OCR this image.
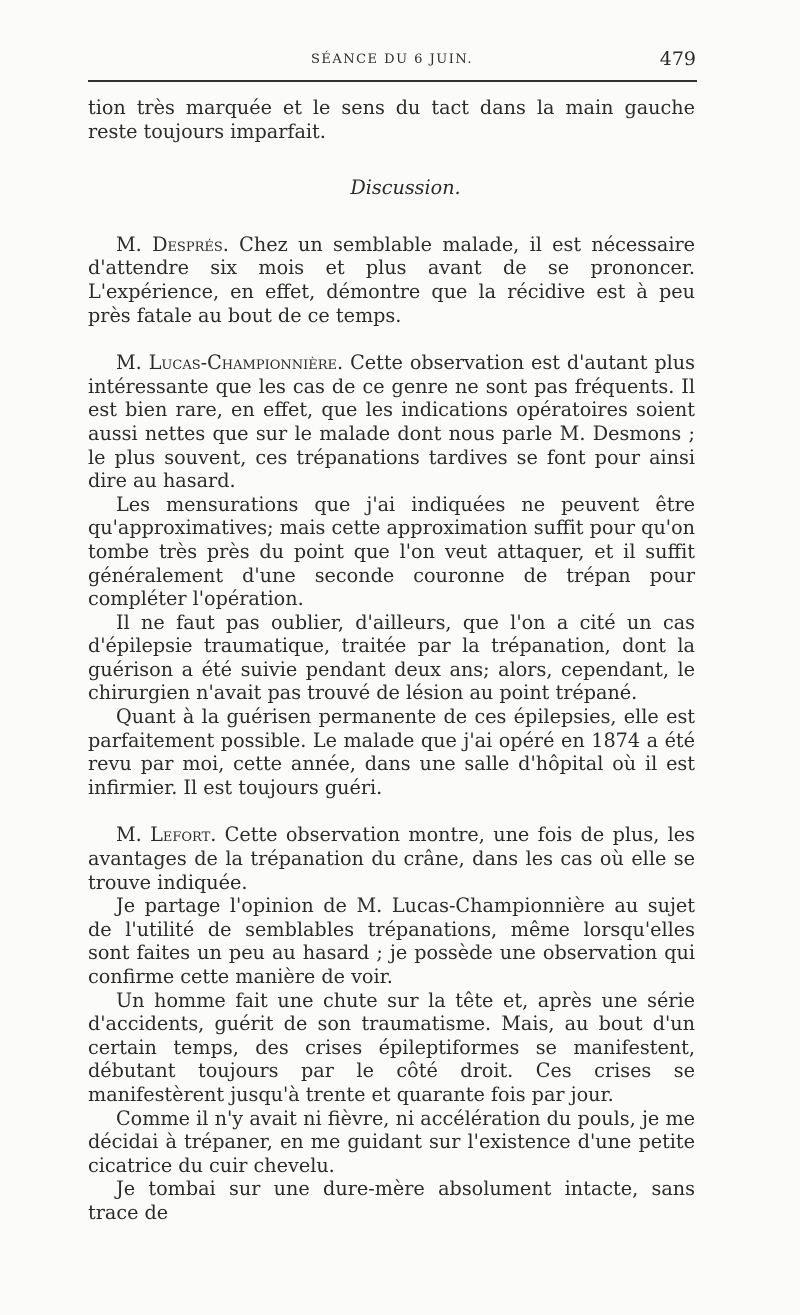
SÉANCE DU 6 JUIN.	479

tion très marquée et le sens du tact dans la main gauche reste toujours imparfait.

Discussion.

M. Després. Chez un semblable malade, il est nécessaire d'attendre six mois et plus avant de se prononcer. L'expérience, en effet, démontre que la récidive est à peu près fatale au bout de ce temps.

M. Lucas-Championnière. Cette observation est d'autant plus intéressante que les cas de ce genre ne sont pas fréquents. Il est bien rare, en effet, que les indications opératoires soient aussi nettes que sur le malade dont nous parle M. Desmons ; le plus souvent, ces trépanations tardives se font pour ainsi dire au hasard.

Les mensurations que j'ai indiquées ne peuvent être qu'approximatives; mais cette approximation suffit pour qu'on tombe très près du point que l'on veut attaquer, et il suffit généralement d'une seconde couronne de trépan pour compléter l'opération.

Il ne faut pas oublier, d'ailleurs, que l'on a cité un cas d'épilepsie traumatique, traitée par la trépanation, dont la guérison a été suivie pendant deux ans; alors, cependant, le chirurgien n'avait pas trouvé de lésion au point trépané.

Quant à la guérisen permanente de ces épilepsies, elle est parfaitement possible. Le malade que j'ai opéré en 1874 a été revu par moi, cette année, dans une salle d'hôpital où il est infirmier. Il est toujours guéri.

M. Lefort. Cette observation montre, une fois de plus, les avantages de la trépanation du crâne, dans les cas où elle se trouve indiquée.

Je partage l'opinion de M. Lucas-Championnière au sujet de l'utilité de semblables trépanations, même lorsqu'elles sont faites un peu au hasard ; je possède une observation qui confirme cette manière de voir.

Un homme fait une chute sur la tête et, après une série d'accidents, guérit de son traumatisme. Mais, au bout d'un certain temps, des crises épileptiformes se manifestent, débutant toujours par le côté droit. Ces crises se manifestèrent jusqu'à trente et quarante fois par jour.

Comme il n'y avait ni fièvre, ni accélération du pouls, je me décidai à trépaner, en me guidant sur l'existence d'une petite cicatrice du cuir chevelu.

Je tombai sur une dure-mère absolument intacte, sans trace de
